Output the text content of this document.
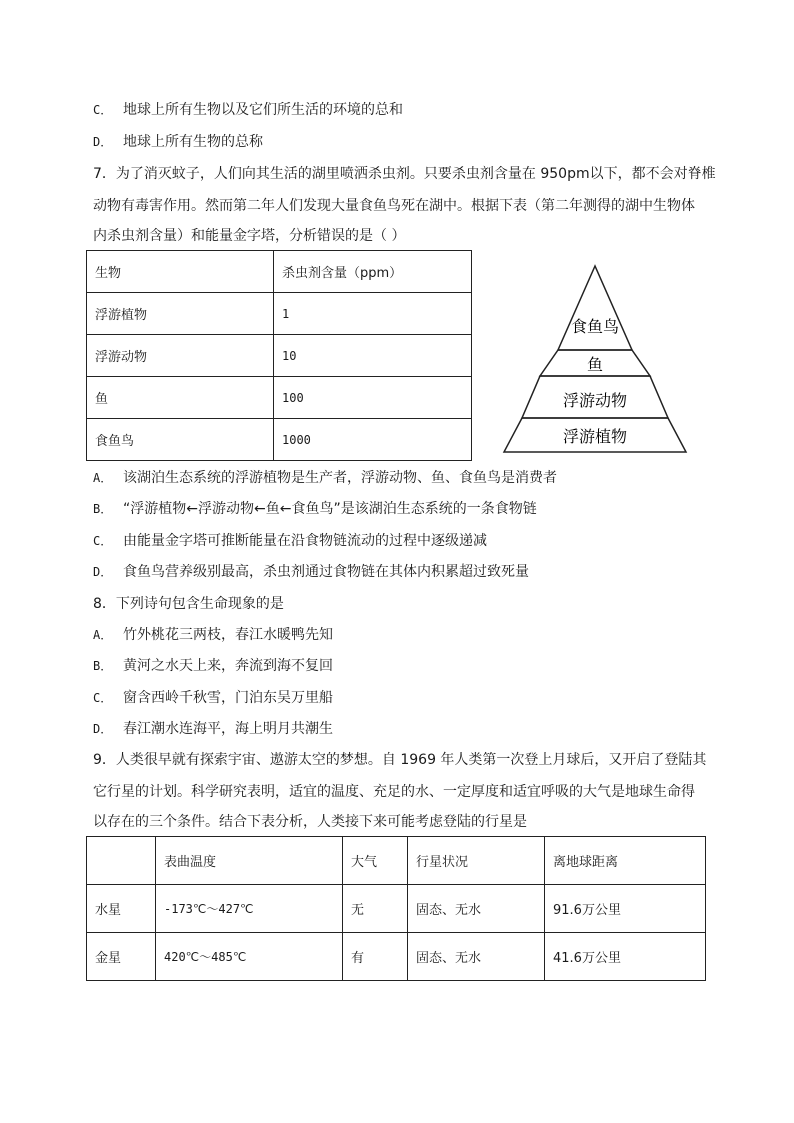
C． 地球上所有生物以及它们所生活的环境的总和
D． 地球上所有生物的总称
7．为了消灭蚊子，人们向其生活的湖里喷洒杀虫剂。只要杀虫剂含量在 950pm以下，都不会对脊椎
动物有毒害作用。然而第二年人们发现大量食鱼鸟死在湖中。根据下表（第二年测得的湖中生物体
内杀虫剂含量）和能量金字塔，分析错误的是（ ）
生物	杀虫剂含量（ppm）
浮游植物	1
浮游动物	10
鱼	100
食鱼鸟	1000
食鱼鸟
鱼
浮游动物
浮游植物
A． 该湖泊生态系统的浮游植物是生产者，浮游动物、鱼、食鱼鸟是消费者
B． “浮游植物←浮游动物←鱼←食鱼鸟”是该湖泊生态系统的一条食物链
C． 由能量金字塔可推断能量在沿食物链流动的过程中逐级递减
D． 食鱼鸟营养级别最高，杀虫剂通过食物链在其体内积累超过致死量
8．下列诗句包含生命现象的是
A． 竹外桃花三两枝，春江水暖鸭先知
B． 黄河之水天上来，奔流到海不复回
C． 窗含西岭千秋雪，门泊东吴万里船
D． 春江潮水连海平，海上明月共潮生
9．人类很早就有探索宇宙、遨游太空的梦想。自 1969 年人类第一次登上月球后，又开启了登陆其
它行星的计划。科学研究表明，适宜的温度、充足的水、一定厚度和适宜呼吸的大气是地球生命得
以存在的三个条件。结合下表分析，人类接下来可能考虑登陆的行星是
	表曲温度	大气	行星状况	离地球距离
水星	-173℃～427℃	无	固态、无水	91.6万公里
金星	420℃～485℃	有	固态、无水	41.6万公里
